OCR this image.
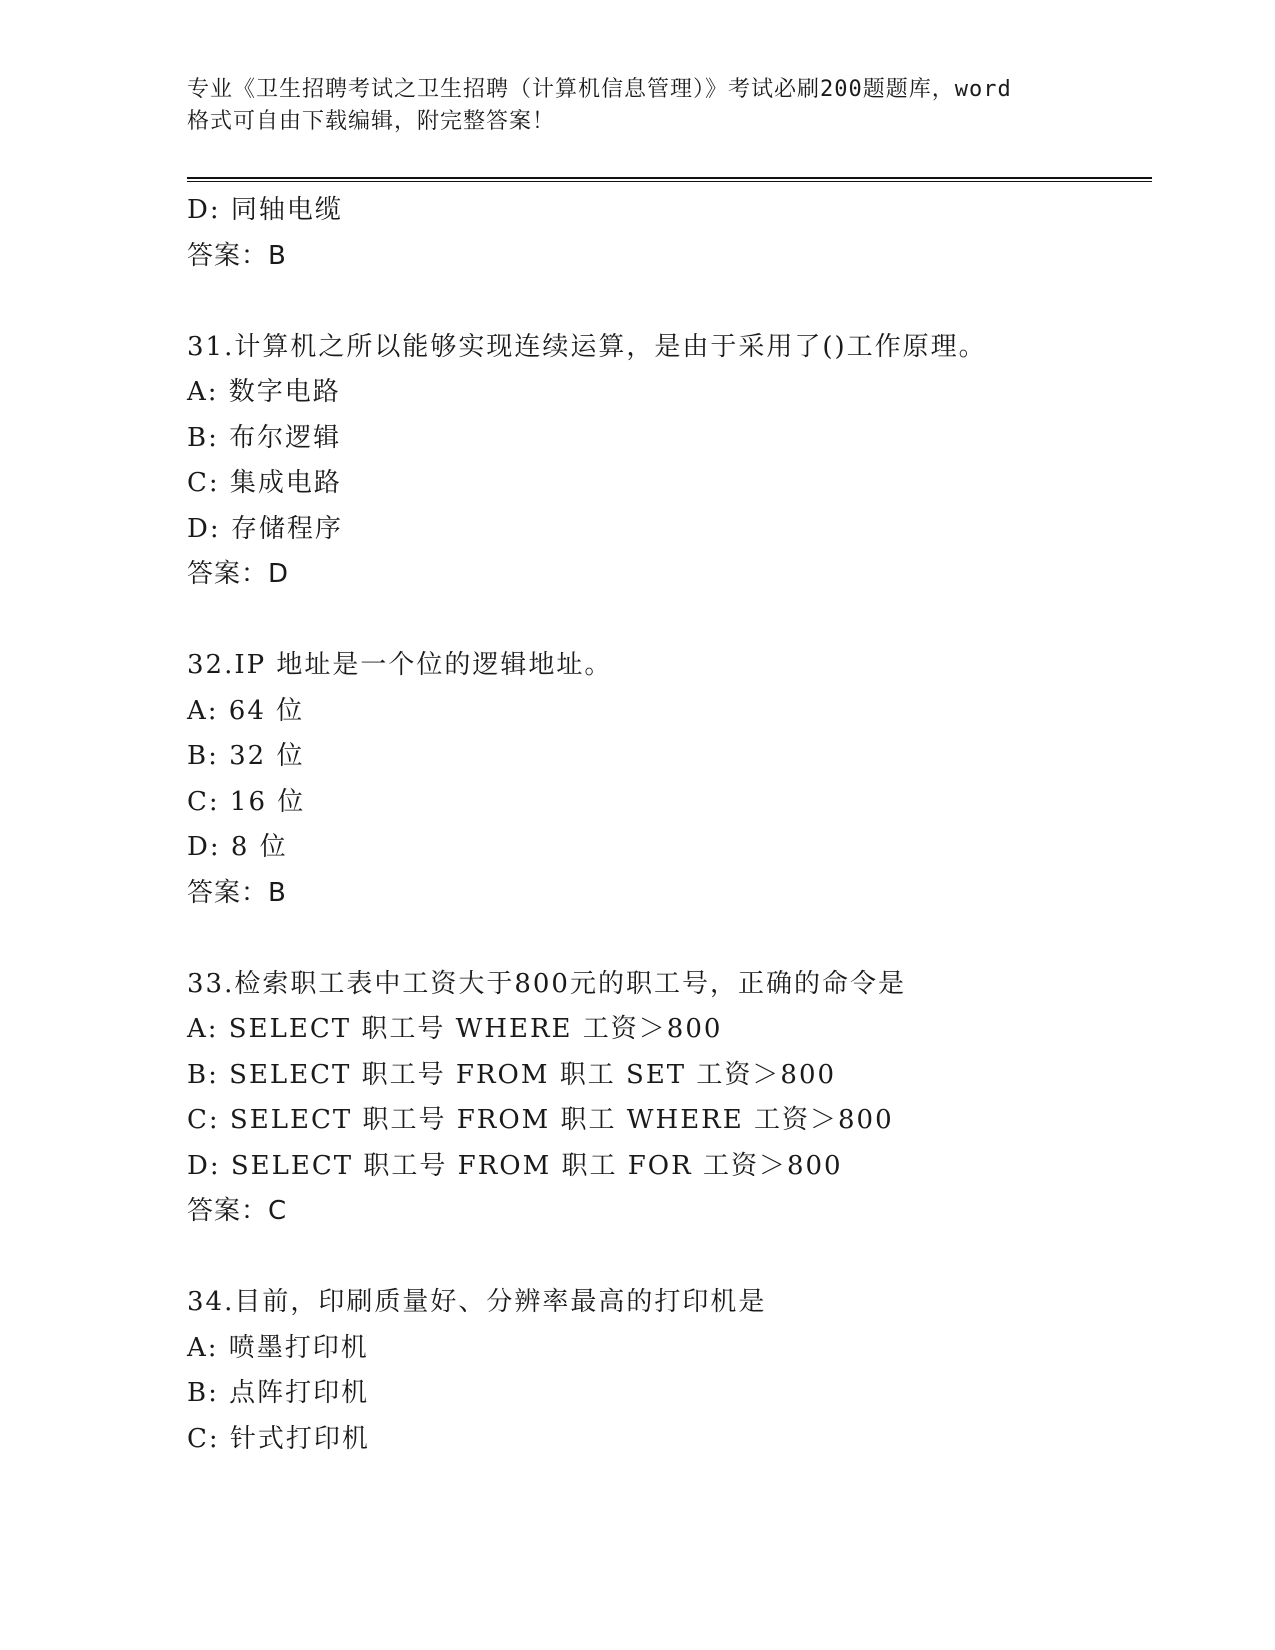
专业《卫生招聘考试之卫生招聘（计算机信息管理）》考试必刷200题题库，word
格式可自由下载编辑，附完整答案！
D: 同轴电缆
答案：B
31.计算机之所以能够实现连续运算，是由于采用了()工作原理。
A: 数字电路
B: 布尔逻辑
C: 集成电路
D: 存储程序
答案：D
32.IP 地址是一个位的逻辑地址。
A: 64 位
B: 32 位
C: 16 位
D: 8 位
答案：B
33.检索职工表中工资大于800元的职工号，正确的命令是
A: SELECT 职工号 WHERE 工资＞800
B: SELECT 职工号 FROM 职工 SET 工资＞800
C: SELECT 职工号 FROM 职工 WHERE 工资＞800
D: SELECT 职工号 FROM 职工 FOR 工资＞800
答案：C
34.目前，印刷质量好、分辨率最高的打印机是
A: 喷墨打印机
B: 点阵打印机
C: 针式打印机
